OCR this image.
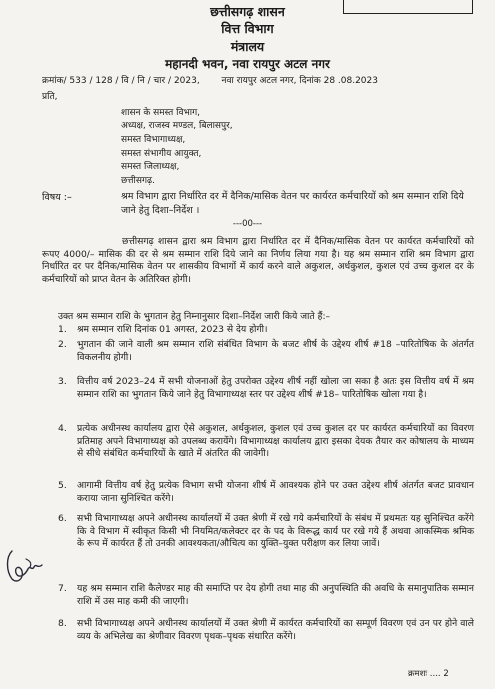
छत्तीसगढ़ शासन
वित्त विभाग
मंत्रालय
महानदी भवन, नवा रायपुर अटल नगर
क्रमांक/ 533 / 128 / वि / नि / चार / 2023, नवा रायपुर अटल नगर, दिनांक 28 .08.2023
प्रति,
शासन के समस्त विभाग,
अध्यक्ष, राजस्व मण्डल, बिलासपुर,
समस्त विभागाध्यक्ष,
समस्त संभागीय आयुक्त,
समस्त जिलाध्यक्ष,
छत्तीसगढ़.
विषय :–	श्रम विभाग द्वारा निर्धारित दर में दैनिक/मासिक वेतन पर कार्यरत कर्मचारियों को श्रम सम्मान राशि दिये जाने हेतु दिशा–निर्देश ।
---00---
छत्तीसगढ़ शासन द्वारा श्रम विभाग द्वारा निर्धारित दर में दैनिक/मासिक वेतन पर कार्यरत कर्मचारियों को रूपए 4000/– मासिक की दर से श्रम सम्मान राशि दिये जाने का निर्णय लिया गया है। यह श्रम सम्मान राशि श्रम विभाग द्वारा निर्धारित दर पर दैनिक/मासिक वेतन पर शासकीय विभागों में कार्य करने वाले अकुशल, अर्धकुशल, कुशल एवं उच्च कुशल दर के कर्मचारियों को प्राप्त वेतन के अतिरिक्त होगी।
उक्त श्रम सम्मान राशि के भुगतान हेतु निम्नानुसार दिशा–निर्देश जारी किये जाते हैं:–
1. श्रम सम्मान राशि दिनांक 01 अगस्त, 2023 से देय होगी।
2. भुगतान की जाने वाली श्रम सम्मान राशि संबंधित विभाग के बजट शीर्ष के उद्देश्य शीर्ष #18 –पारितोषिक के अंतर्गत विकलनीय होगी।
3. वित्तीय वर्ष 2023–24 में सभी योजनाओं हेतु उपरोक्त उद्देश्य शीर्ष नहीं खोला जा सका है अतः इस वित्तीय वर्ष में श्रम सम्मान राशि का भुगतान किये जाने हेतु विभागाध्यक्ष स्तर पर उद्देश्य शीर्ष #18– पारितोषिक खोला गया है।
4. प्रत्येक अधीनस्थ कार्यालय द्वारा ऐसे अकुशल, अर्धकुशल, कुशल एवं उच्च कुशल दर पर कार्यरत कर्मचारियों का विवरण प्रतिमाह अपने विभागाध्यक्ष को उपलब्ध करायेंगे। विभागाध्यक्ष कार्यालय द्वारा इसका देयक तैयार कर कोषालय के माध्यम से सीधे संबंधित कर्मचारियों के खाते में अंतरित की जावेगी।
5. आगामी वित्तीय वर्ष हेतु प्रत्येक विभाग सभी योजना शीर्ष में आवश्यक होने पर उक्त उद्देश्य शीर्ष अंतर्गत बजट प्रावधान कराया जाना सुनिश्चित करेंगे।
6. सभी विभागाध्यक्ष अपने अधीनस्थ कार्यालयों में उक्त श्रेणी में रखे गये कर्मचारियों के संबंध में प्रथमतः यह सुनिश्चित करेंगे कि वे विभाग में स्वीकृत किसी भी नियमित/कलेक्टर दर के पद के विरूद्ध कार्य पर रखे गये हैं अथवा आकस्मिक श्रमिक के रूप में कार्यरत हैं तो उनकी आवश्यकता/औचित्य का युक्ति–युक्त परीक्षण कर लिया जावें।
7. यह श्रम सम्मान राशि कैलेण्डर माह की समाप्ति पर देय होगी तथा माह की अनुपस्थिति की अवधि के समानुपातिक सम्मान राशि में उस माह कमी की जाएगी।
8. सभी विभागाध्यक्ष अपने अधीनस्थ कार्यालयों में उक्त श्रेणी में कार्यरत कर्मचारियों का सम्पूर्ण विवरण एवं उन पर होने वाले व्यय के अभिलेख का श्रेणीवार विवरण पृथक–पृथक संधारित करेंगे।
क्रमशः .... 2
